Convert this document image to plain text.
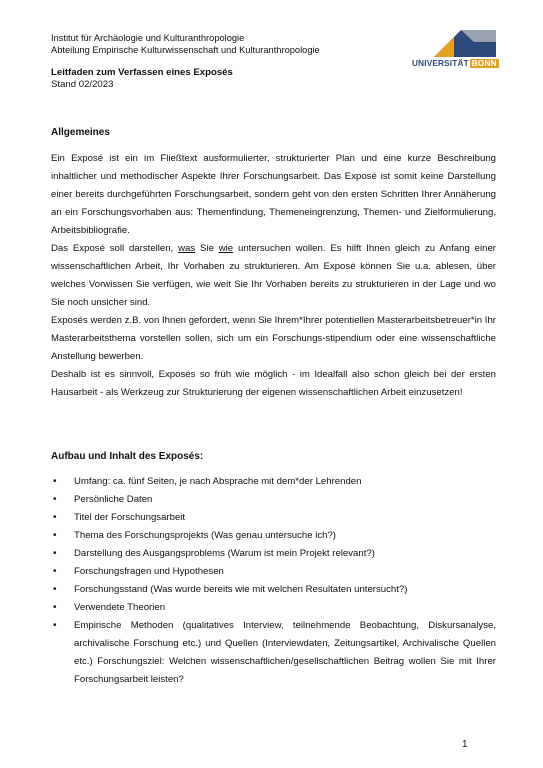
Institut für Archäologie und Kulturanthropologie
Abteilung Empirische Kulturwissenschaft und Kulturanthropologie
UNIVERSITÄT BONN
Leitfaden zum Verfassen eines Exposés
Stand 02/2023
Allgemeines
Ein Exposé ist ein im Fließtext ausformulierter, strukturierter Plan und eine kurze Beschreibung inhaltlicher und methodischer Aspekte Ihrer Forschungsarbeit. Das Exposé ist somit keine Darstellung einer bereits durchgeführten Forschungsarbeit, sondern geht von den ersten Schritten Ihrer Annäherung an ein Forschungsvorhaben aus: Themenfindung, Themeneingrenzung, Themen- und Zielformulierung, Arbeitsbibliografie.
Das Exposé soll darstellen, was Sie wie untersuchen wollen. Es hilft Ihnen gleich zu Anfang einer wissenschaftlichen Arbeit, Ihr Vorhaben zu strukturieren. Am Exposé können Sie u.a. ablesen, über welches Vorwissen Sie verfügen, wie weit Sie Ihr Vorhaben bereits zu strukturieren in der Lage und wo Sie noch unsicher sind.
Exposés werden z.B. von Ihnen gefordert, wenn Sie Ihrem*Ihrer potentiellen Masterarbeitsbetreuer*in Ihr Masterarbeitsthema vorstellen sollen, sich um ein Forschungs-stipendium oder eine wissenschaftliche Anstellung bewerben.
Deshalb ist es sinnvoll, Exposés so früh wie möglich - im Idealfall also schon gleich bei der ersten Hausarbeit - als Werkzeug zur Strukturierung der eigenen wissenschaftlichen Arbeit einzusetzen!
Aufbau und Inhalt des Exposés:
• Umfang: ca. fünf Seiten, je nach Absprache mit dem*der Lehrenden
• Persönliche Daten
• Titel der Forschungsarbeit
• Thema des Forschungsprojekts (Was genau untersuche ich?)
• Darstellung des Ausgangsproblems (Warum ist mein Projekt relevant?)
• Forschungsfragen und Hypothesen
• Forschungsstand (Was wurde bereits wie mit welchen Resultaten untersucht?)
• Verwendete Theorien
• Empirische Methoden (qualitatives Interview, teilnehmende Beobachtung, Diskursanalyse, archivalische Forschung etc.) und Quellen (Interviewdaten, Zeitungsartikel, Archivalische Quellen etc.) Forschungsziel: Welchen wissenschaftlichen/gesellschaftlichen Beitrag wollen Sie mit Ihrer Forschungsarbeit leisten?
1
